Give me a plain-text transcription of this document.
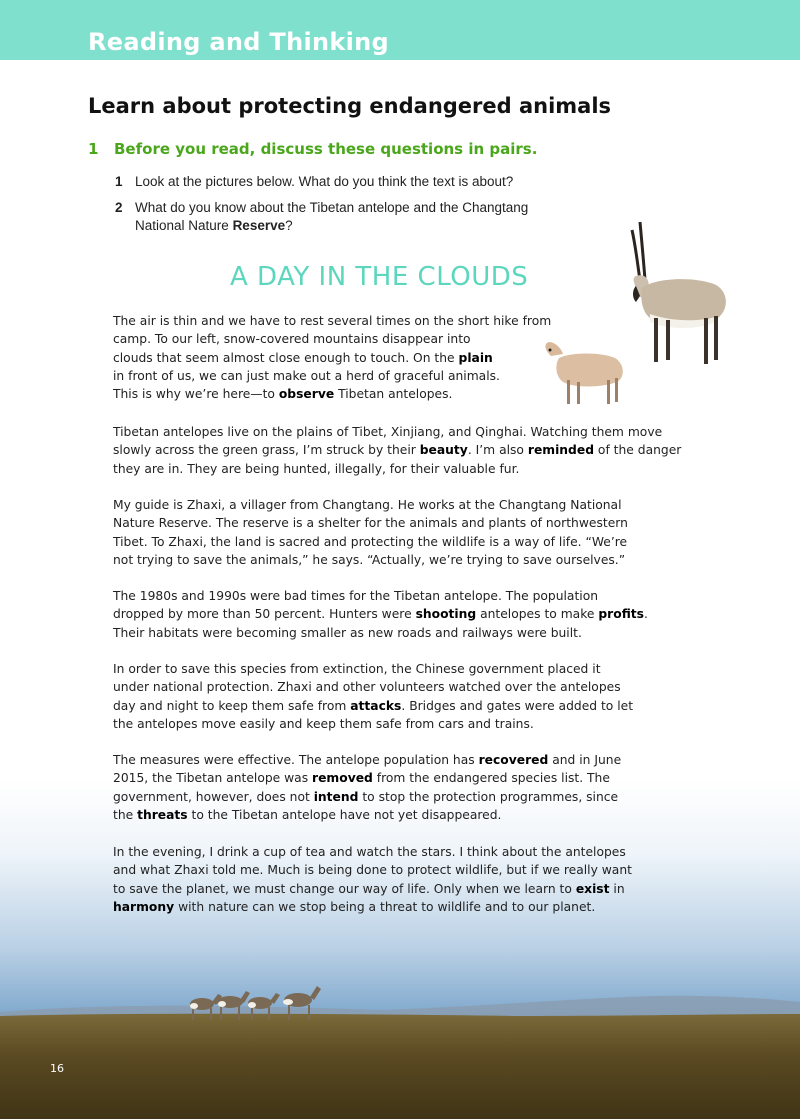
Reading and Thinking
Learn about protecting endangered animals
1 Before you read, discuss these questions in pairs.
1 Look at the pictures below. What do you think the text is about?
2 What do you know about the Tibetan antelope and the Changtang
National Nature Reserve?
A DAY IN THE CLOUDS
The air is thin and we have to rest several times on the short hike from
camp. To our left, snow-covered mountains disappear into
clouds that seem almost close enough to touch. On the plain
in front of us, we can just make out a herd of graceful animals.
This is why we’re here—to observe Tibetan antelopes.
Tibetan antelopes live on the plains of Tibet, Xinjiang, and Qinghai. Watching them move
slowly across the green grass, I’m struck by their beauty. I’m also reminded of the danger
they are in. They are being hunted, illegally, for their valuable fur.
My guide is Zhaxi, a villager from Changtang. He works at the Changtang National
Nature Reserve. The reserve is a shelter for the animals and plants of northwestern
Tibet. To Zhaxi, the land is sacred and protecting the wildlife is a way of life. “We’re
not trying to save the animals,” he says. “Actually, we’re trying to save ourselves.”
The 1980s and 1990s were bad times for the Tibetan antelope. The population
dropped by more than 50 percent. Hunters were shooting antelopes to make profits.
Their habitats were becoming smaller as new roads and railways were built.
In order to save this species from extinction, the Chinese government placed it
under national protection. Zhaxi and other volunteers watched over the antelopes
day and night to keep them safe from attacks. Bridges and gates were added to let
the antelopes move easily and keep them safe from cars and trains.
The measures were effective. The antelope population has recovered and in June
2015, the Tibetan antelope was removed from the endangered species list. The
government, however, does not intend to stop the protection programmes, since
the threats to the Tibetan antelope have not yet disappeared.
In the evening, I drink a cup of tea and watch the stars. I think about the antelopes
and what Zhaxi told me. Much is being done to protect wildlife, but if we really want
to save the planet, we must change our way of life. Only when we learn to exist in
harmony with nature can we stop being a threat to wildlife and to our planet.
16
